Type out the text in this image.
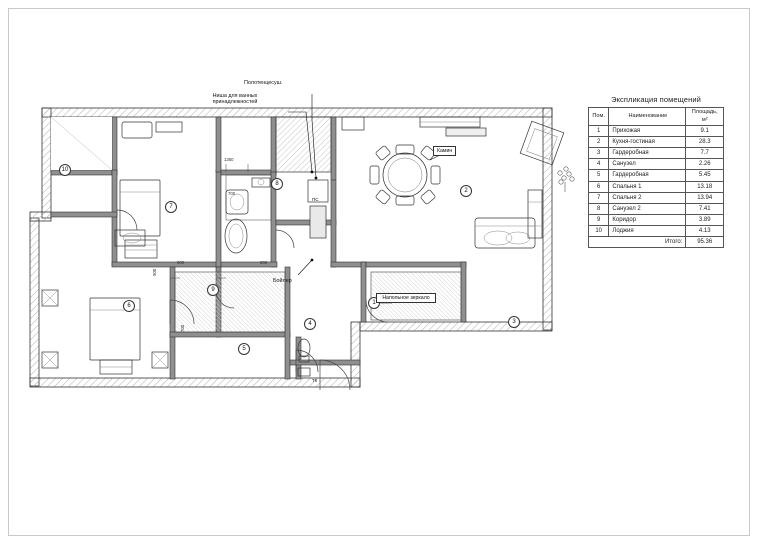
Экспликация помещений
Пом.	Наименование	Площадь, м²
1	Прихожая	9.1
2	Кухня-гостиная	28.3
3	Гардеробная	7.7
4	Санузел	2.26
5	Гардеробная	5.45
6	Спальня 1	13.18
7	Спальня 2	13.94
8	Санузел 2	7.41
9	Коридор	3.89
10	Лоджия	4.13
Итого:		95.36
1
2
3
4
5
6
7
8
9
10
Полотенцесуш.
Ниша для ванных принадлежностей
Камин
Бойлер
Напольное зеркало
ПС
ТК
1350
700
900	600
900
700
